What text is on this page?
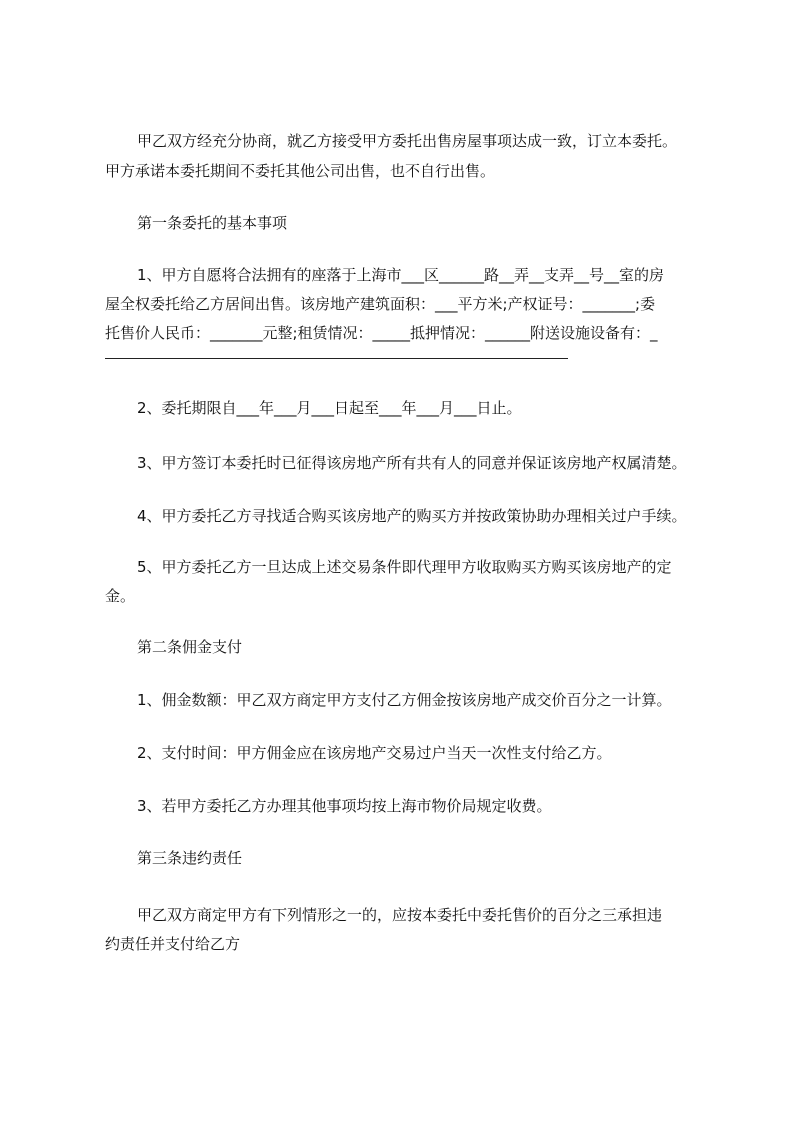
甲乙双方经充分协商，就乙方接受甲方委托出售房屋事项达成一致，订立本委托。
甲方承诺本委托期间不委托其他公司出售，也不自行出售。
第一条委托的基本事项
1、甲方自愿将合法拥有的座落于上海市___区______路__弄__支弄__号__室的房
屋全权委托给乙方居间出售。该房地产建筑面积：___平方米;产权证号：_______;委
托售价人民币：_______元整;租赁情况：_____抵押情况：______附送设施设备有：_
2、委托期限自___年___月___日起至___年___月___日止。
3、甲方签订本委托时已征得该房地产所有共有人的同意并保证该房地产权属清楚。
4、甲方委托乙方寻找适合购买该房地产的购买方并按政策协助办理相关过户手续。
5、甲方委托乙方一旦达成上述交易条件即代理甲方收取购买方购买该房地产的定
金。
第二条佣金支付
1、佣金数额：甲乙双方商定甲方支付乙方佣金按该房地产成交价百分之一计算。
2、支付时间：甲方佣金应在该房地产交易过户当天一次性支付给乙方。
3、若甲方委托乙方办理其他事项均按上海市物价局规定收费。
第三条违约责任
甲乙双方商定甲方有下列情形之一的，应按本委托中委托售价的百分之三承担违
约责任并支付给乙方
